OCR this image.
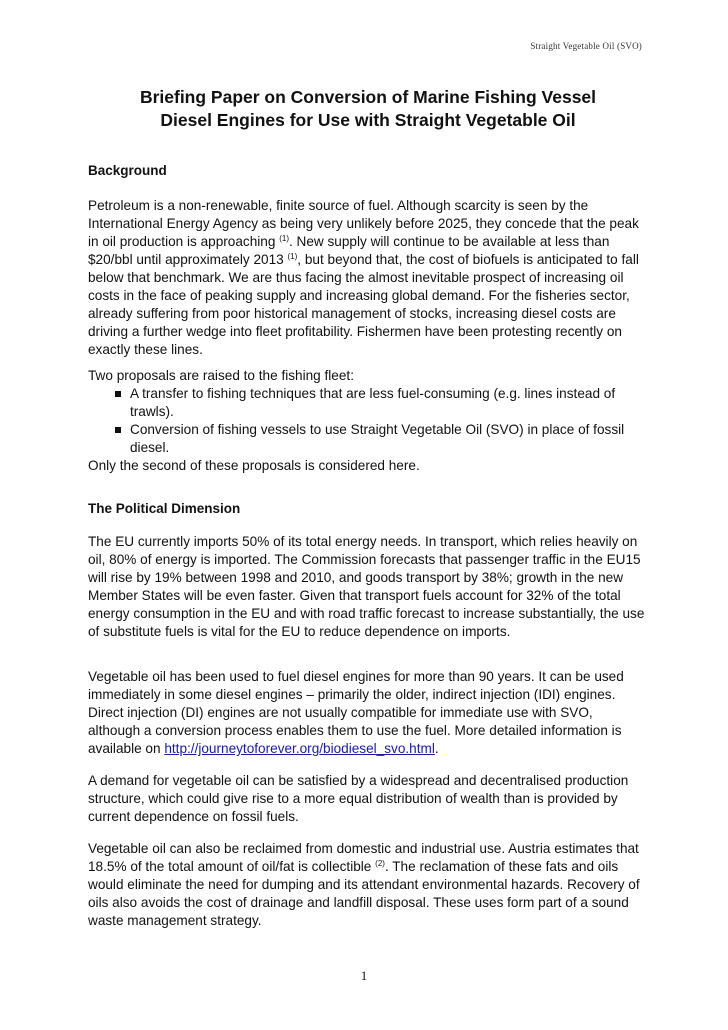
Straight Vegetable Oil (SVO)
Briefing Paper on Conversion of Marine Fishing Vessel
Diesel Engines for Use with Straight Vegetable Oil
Background

Petroleum is a non-renewable, finite source of fuel. Although scarcity is seen by the International Energy Agency as being very unlikely before 2025, they concede that the peak in oil production is approaching $^{(1)}$. New supply will continue to be available at less than $20/bbl until approximately 2013 $^{(1)}$, but beyond that, the cost of biofuels is anticipated to fall below that benchmark. We are thus facing the almost inevitable prospect of increasing oil costs in the face of peaking supply and increasing global demand. For the fisheries sector, already suffering from poor historical management of stocks, increasing diesel costs are driving a further wedge into fleet profitability. Fishermen have been protesting recently on exactly these lines.

Two proposals are raised to the fishing fleet:

A transfer to fishing techniques that are less fuel-consuming (e.g. lines instead of trawls).
Conversion of fishing vessels to use Straight Vegetable Oil (SVO) in place of fossil diesel.

Only the second of these proposals is considered here.

The Political Dimension
The EU currently imports 50% of its total energy needs. In transport, which relies heavily on oil, 80% of energy is imported. The Commission forecasts that passenger traffic in the EU15 will rise by 19% between 1998 and 2010, and goods transport by 38%; growth in the new Member States will be even faster. Given that transport fuels account for 32% of the total energy consumption in the EU and with road traffic forecast to increase substantially, the use of substitute fuels is vital for the EU to reduce dependence on imports.

Vegetable oil has been used to fuel diesel engines for more than 90 years. It can be used immediately in some diesel engines – primarily the older, indirect injection (IDI) engines. Direct injection (DI) engines are not usually compatible for immediate use with SVO, although a conversion process enables them to use the fuel. More detailed information is available on http://journeytoforever.org/biodiesel_svo.html.

A demand for vegetable oil can be satisfied by a widespread and decentralised production structure, which could give rise to a more equal distribution of wealth than is provided by current dependence on fossil fuels.

Vegetable oil can also be reclaimed from domestic and industrial use. Austria estimates that 18.5% of the total amount of oil/fat is collectible $^{(2)}$. The reclamation of these fats and oils would eliminate the need for dumping and its attendant environmental hazards. Recovery of oils also avoids the cost of drainage and landfill disposal. These uses form part of a sound waste management strategy.

1
